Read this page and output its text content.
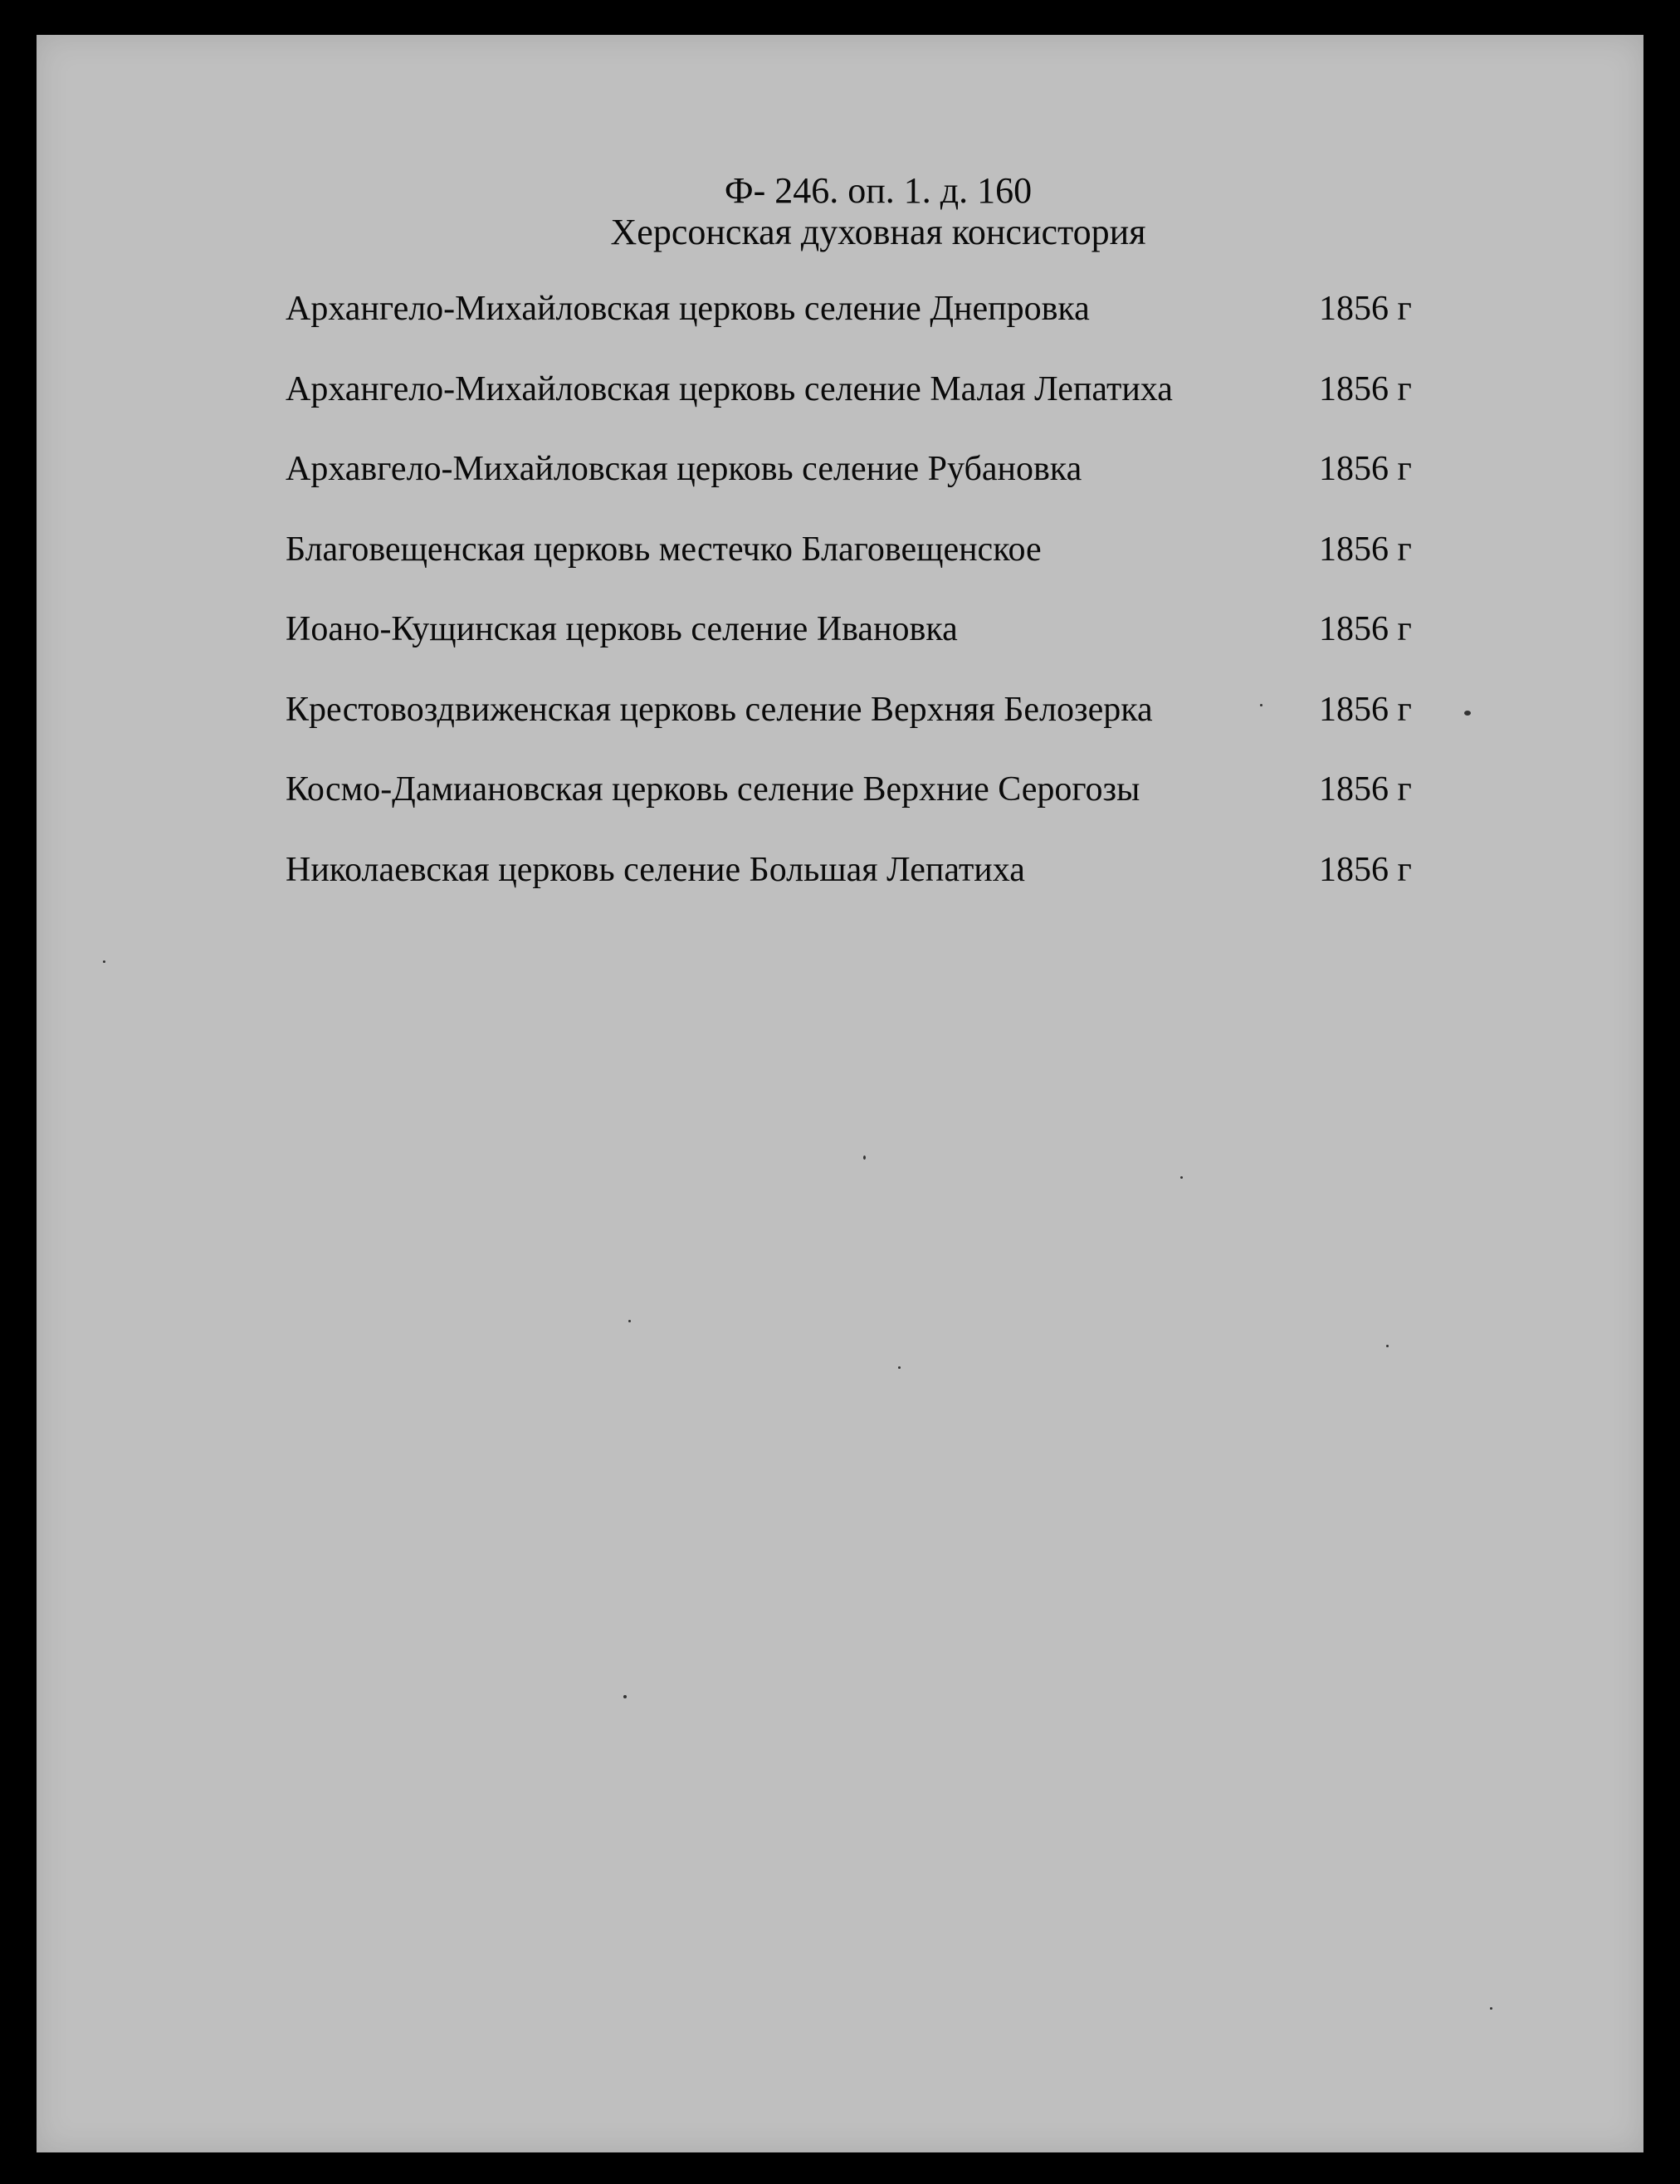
Ф- 246. оп. 1. д. 160
Херсонская духовная консистория
Архангело-Михайловская церковь селение Днепровка	1856 г
Архангело-Михайловская церковь селение Малая Лепатиха	1856 г
Архавгело-Михайловская церковь селение Рубановка	1856 г
Благовещенская церковь местечко Благовещенское	1856 г
Иоано-Кущинская церковь селение Ивановка	1856 г
Крестовоздвиженская церковь селение Верхняя Белозерка	1856 г
Космо-Дамиановская церковь селение Верхние Серогозы	1856 г
Николаевская церковь селение Большая Лепатиха	1856 г
